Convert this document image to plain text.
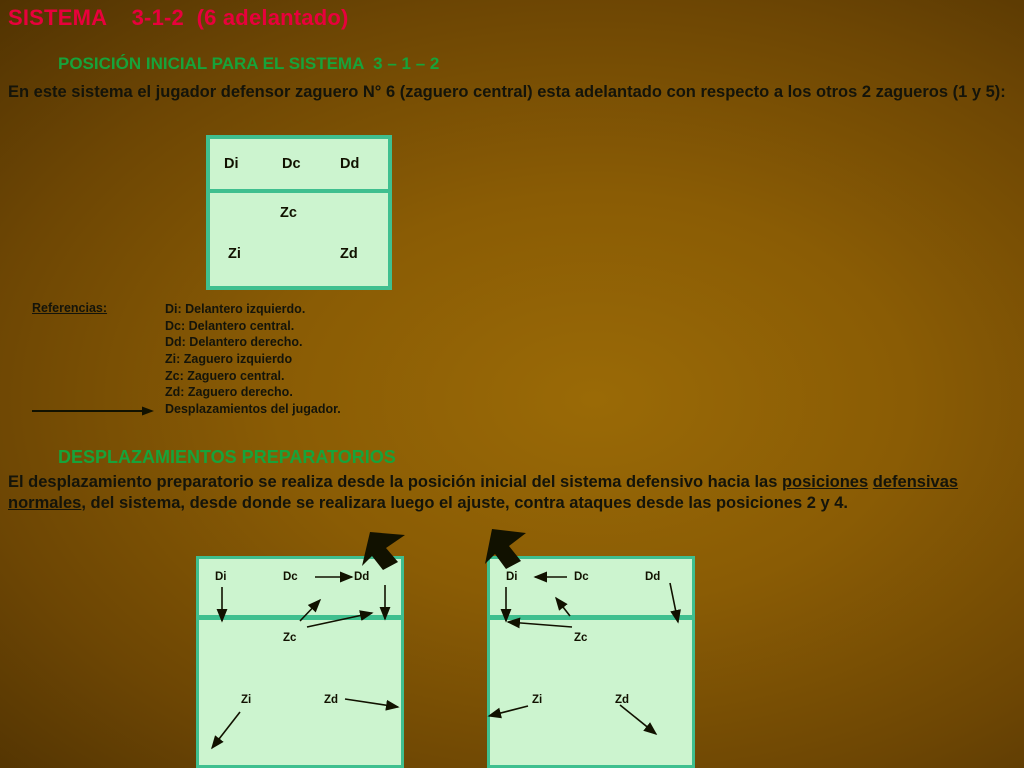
SISTEMA    3-1-2  (6 adelantado)
POSICIÓN INICIAL PARA EL SISTEMA  3 – 1 – 2
En este sistema el jugador defensor zaguero N° 6 (zaguero central) esta adelantado con respecto a los otros 2 zagueros (1 y 5):
Di	Dc	Dd
Zc
Zi	Zd
Referencias:	Di: Delantero izquierdo.
Dc: Delantero central.
Dd: Delantero derecho.
Zi: Zaguero izquierdo
Zc: Zaguero central.
Zd: Zaguero derecho.
Desplazamientos del jugador.
DESPLAZAMIENTOS PREPARATORIOS
El desplazamiento preparatorio se realiza desde la posición inicial del sistema defensivo hacia las posiciones defensivas normales, del sistema, desde donde se realizara luego el ajuste, contra ataques desde las posiciones 2 y 4.
Di	Dc	Dd
Zc
Zi	Zd
Di	Dc	Dd
Zc
Zi	Zd
